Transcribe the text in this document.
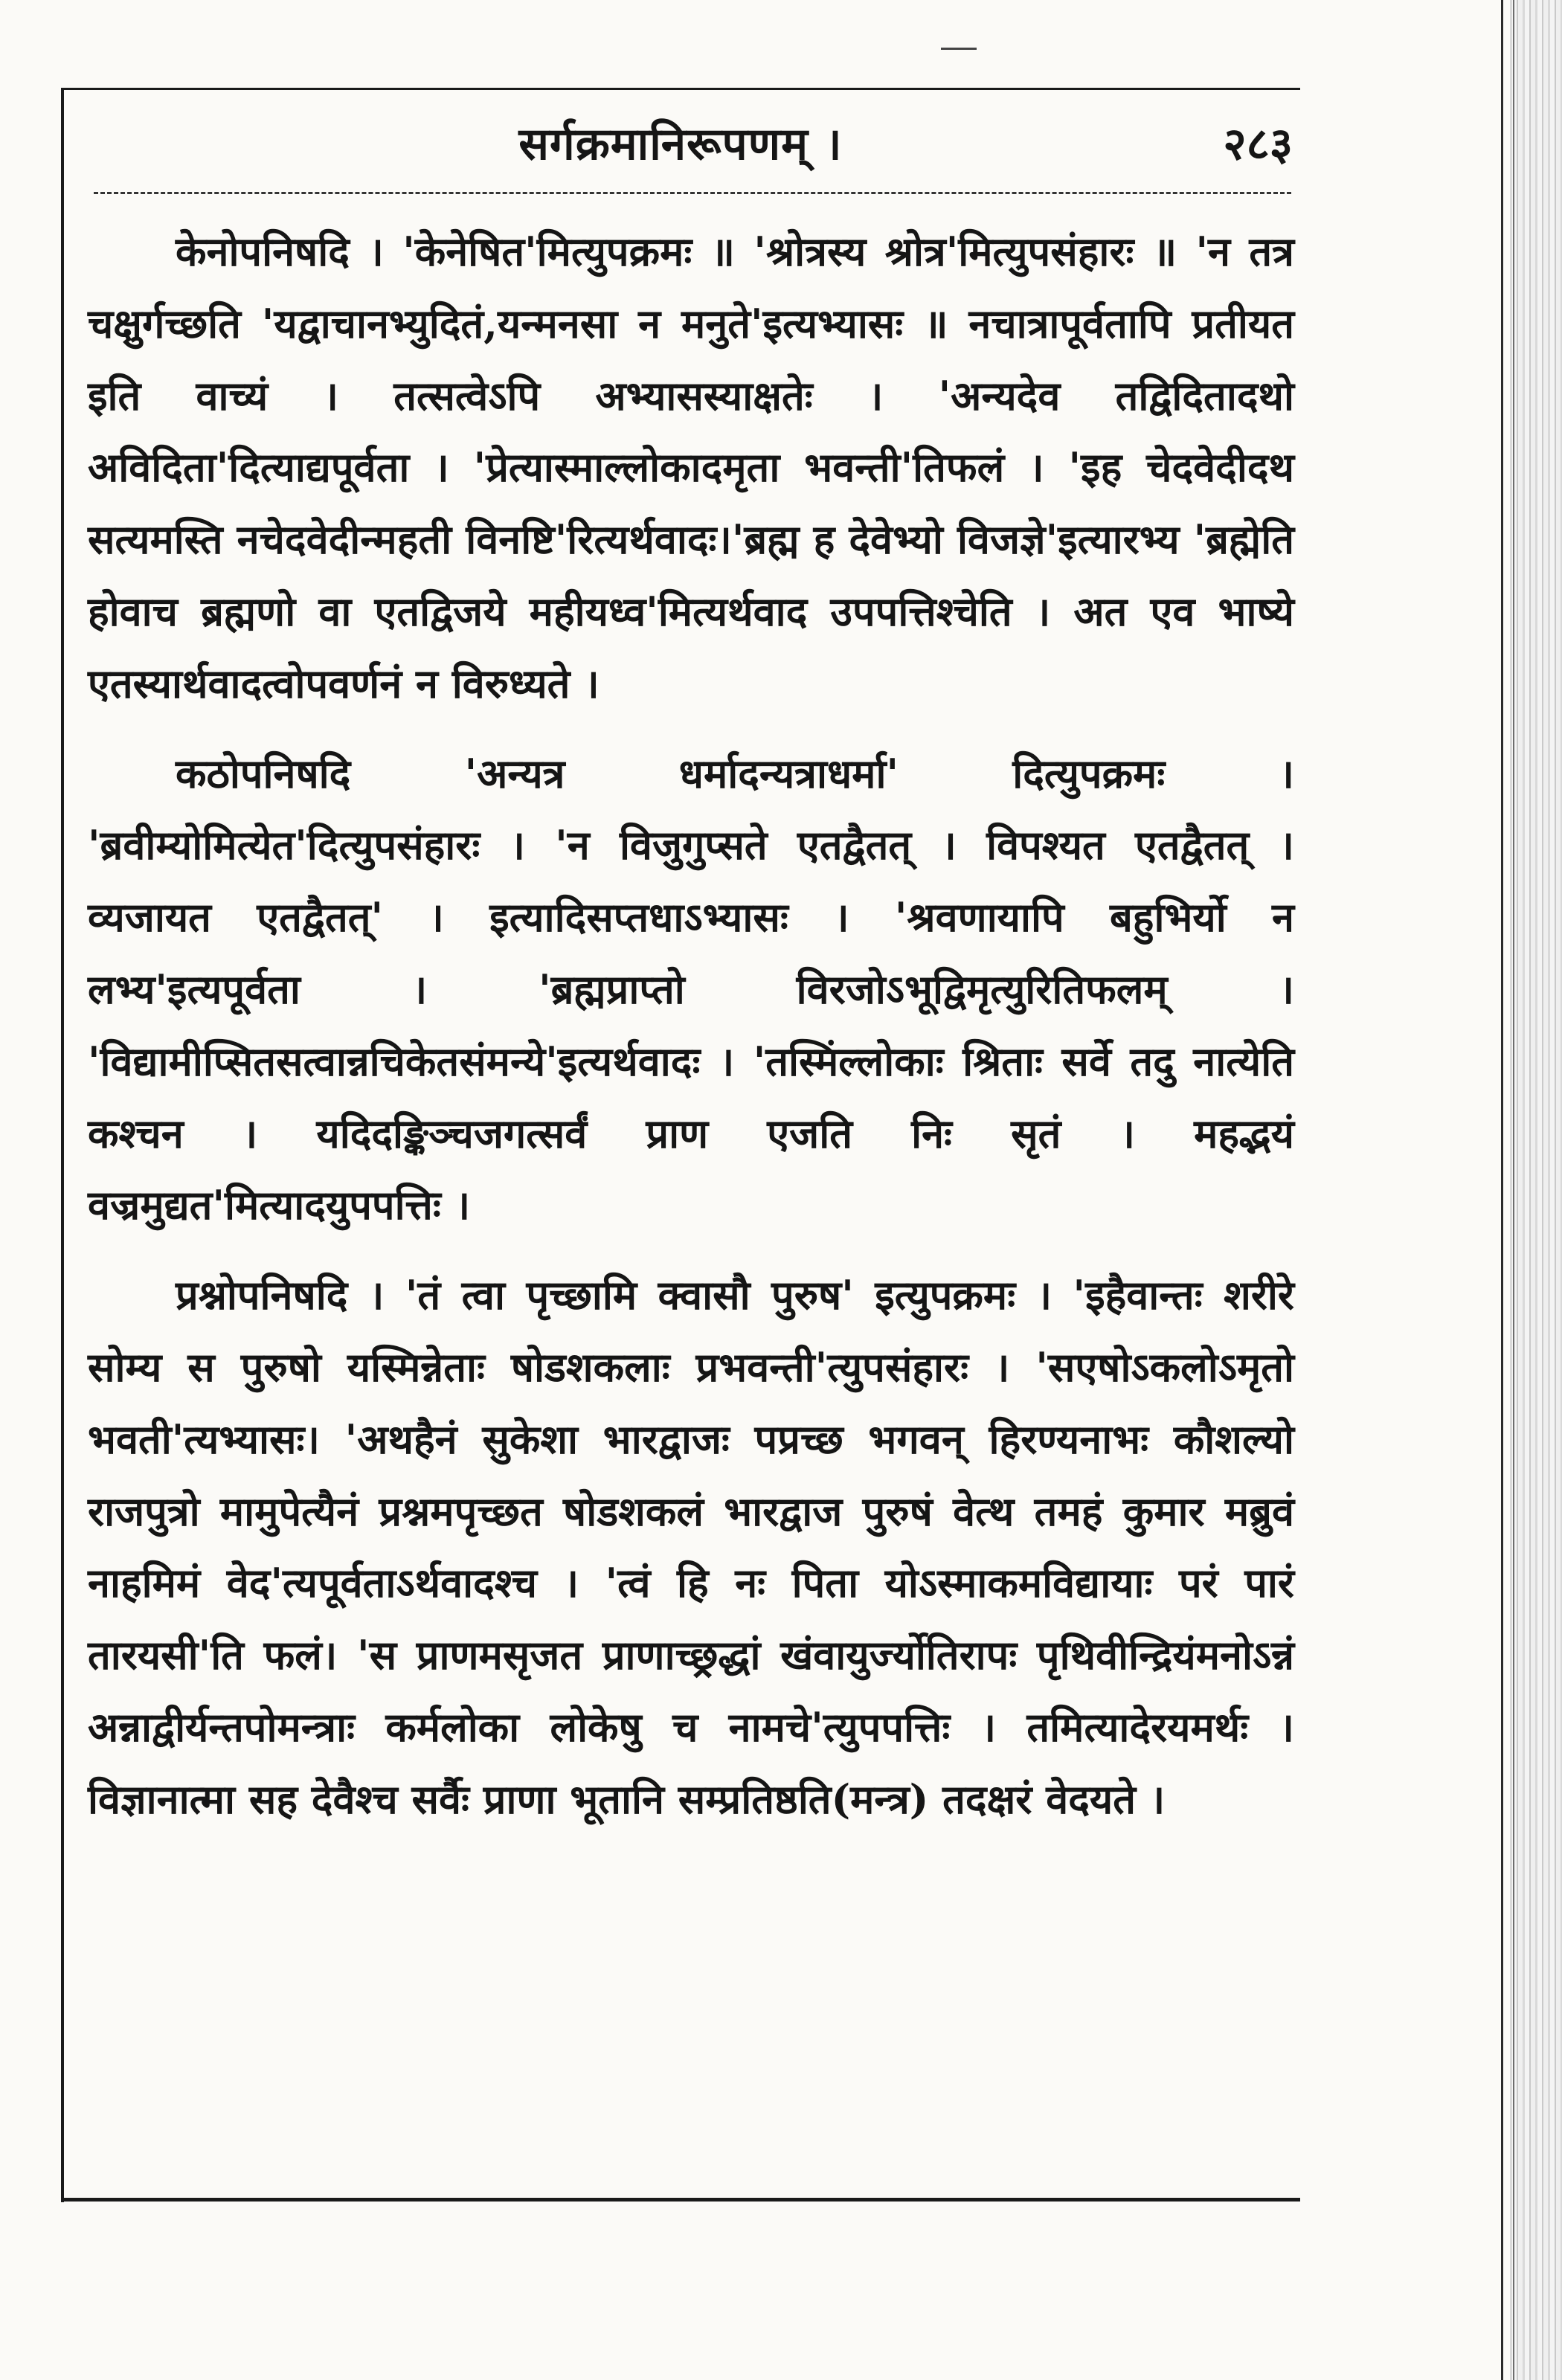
सर्गक्रमानिरूपणम् ।	२८३

केनोपनिषदि । 'केनेषित'मित्युपक्रमः ॥ 'श्रोत्रस्य श्रोत्र'मित्युपसंहारः ॥ 'न तत्र चक्षुर्गच्छति 'यद्वाचानभ्युदितं,यन्मनसा न मनुते'इत्यभ्यासः ॥ नचात्रापूर्वतापि प्रतीयत इति वाच्यं । तत्सत्वेऽपि अभ्यासस्याक्षतेः । 'अन्यदेव तद्विदितादथो अविदिता'दित्याद्यपूर्वता । 'प्रेत्यास्माल्लोकादमृता भवन्ती'तिफलं । 'इह चेदवेदीदथ सत्यमस्ति नचेदवेदीन्महती विनष्टि'रित्यर्थवादः।'ब्रह्म ह देवेभ्यो विजज्ञे'इत्यारभ्य 'ब्रह्मेति होवाच ब्रह्मणो वा एतद्विजये महीयध्व'मित्यर्थवाद उपपत्तिश्चेति । अत एव भाष्ये एतस्यार्थवादत्वोपवर्णनं न विरुध्यते ।

कठोपनिषदि 'अन्यत्र धर्मादन्यत्राधर्मा' दित्युपक्रमः । 'ब्रवीम्योमित्येत'दित्युपसंहारः । 'न विजुगुप्सते एतद्वैतत् । विपश्यत एतद्वैतत् । व्यजायत एतद्वैतत्' । इत्यादिसप्तधाऽभ्यासः । 'श्रवणायापि बहुभिर्यो न लभ्य'इत्यपूर्वता । 'ब्रह्मप्राप्तो विरजोऽभूद्विमृत्युरितिफलम् । 'विद्यामीप्सितसत्वान्नचिकेतसंमन्ये'इत्यर्थवादः । 'तस्मिंल्लोकाः श्रिताः सर्वे तदु नात्येति कश्चन । यदिदङ्किञ्चजगत्सर्वं प्राण एजति निः सृतं । महद्भयं वज्रमुद्यत'मित्यादयुपपत्तिः ।

प्रश्नोपनिषदि । 'तं त्वा पृच्छामि क्वासौ पुरुष' इत्युपक्रमः । 'इहैवान्तः शरीरे सोम्य स पुरुषो यस्मिन्नेताः षोडशकलाः प्रभवन्ती'त्युपसंहारः । 'सएषोऽकलोऽमृतो भवती'त्यभ्यासः। 'अथहैनं सुकेशा भारद्वाजः पप्रच्छ भगवन् हिरण्यनाभः कौशल्यो राजपुत्रो मामुपेत्यैनं प्रश्नमपृच्छत षोडशकलं भारद्वाज पुरुषं वेत्थ तमहं कुमार मब्रुवं नाहमिमं वेद'त्यपूर्वताऽर्थवादश्च । 'त्वं हि नः पिता योऽस्माकमविद्यायाः परं पारं तारयसी'ति फलं। 'स प्राणमसृजत प्राणाच्छ्रद्धां खंवायुर्ज्योतिरापः पृथिवीन्द्रियंमनोऽन्नं अन्नाद्वीर्यन्तपोमन्त्राः कर्मलोका लोकेषु च नामचे'त्युपपत्तिः । तमित्यादेरयमर्थः । विज्ञानात्मा सह देवैश्च सर्वैः प्राणा भूतानि सम्प्रतिष्ठति(मन्त्र) तदक्षरं वेदयते ।
